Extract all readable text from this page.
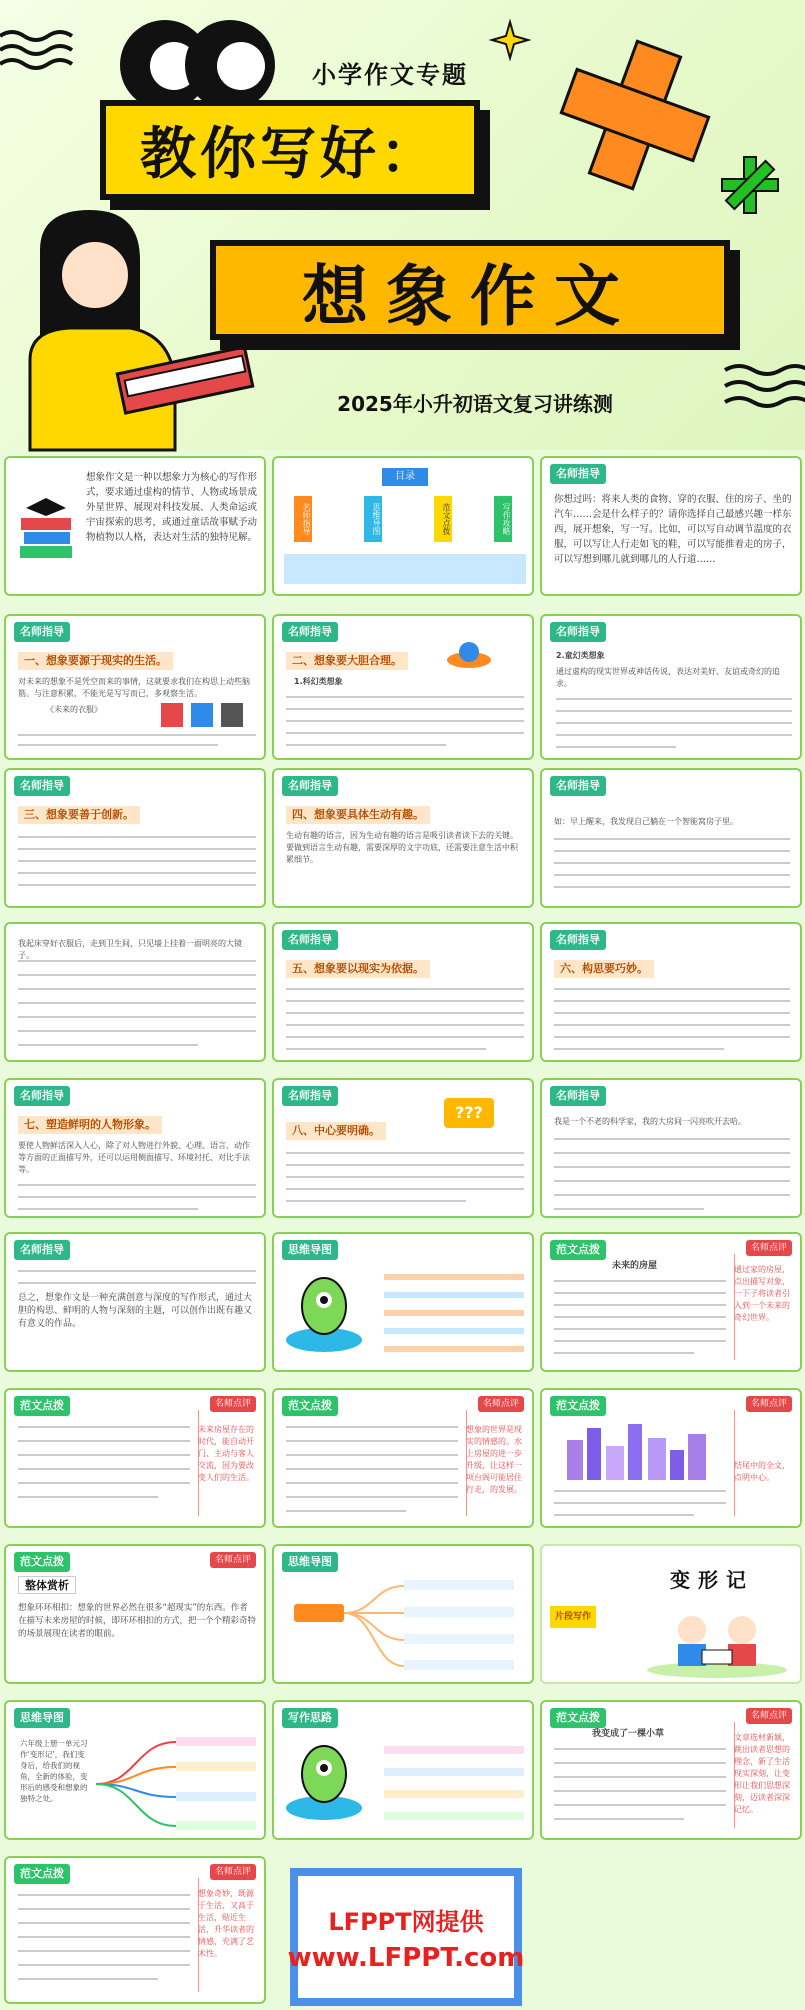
小学作文专题
教你写好：
想象作文
2025年小升初语文复习讲练测
想象作文是一种以想象力为核心的写作形式，要求通过虚构的情节、人物或场景成外星世界、展现对科技发展、人类命运或宇宙探索的思考，或通过童话故事赋予动物植物以人格，表达对生活的独特见解。
目录
名师指导	思维导图	范文点拨	写作攻略
名师指导
你想过吗：将来人类的食物、穿的衣服、住的房子、坐的汽车……会是什么样子的？请你选择自己最感兴趣一样东西，展开想象，写一写。比如，可以写自动调节温度的衣服，可以写让人行走如飞的鞋，可以写能推着走的房子，可以写想到哪儿就到哪儿的人行道……
名师指导
一、想象要源于现实的生活。
对未来的想象不是凭空而来的事情，这就要求我们在构思上动些脑筋。与注意积累，不能光是写写而已，多观察生活。
《未来的衣服》
名师指导
二、想象要大胆合理。
1.科幻类想象
名师指导
2.童幻类想象
通过虚构的现实世界或神话传说，表达对美好、友谊或奇幻的追求。
名师指导
三、想象要善于创新。
名师指导
四、想象要具体生动有趣。
生动有趣的语言，因为生动有趣的语言是吸引读者读下去的关键。要做到语言生动有趣，需要深厚的文字功底，还需要注意生活中积累细节。
名师指导
如：早上醒来，我发现自己躺在一个智能窝房子里。
我起床穿好衣服后，走到卫生间，只见墙上挂着一面明亮的大镜子。
名师指导
五、想象要以现实为依据。
名师指导
六、构思要巧妙。
名师指导
七、塑造鲜明的人物形象。
要使人物鲜活深入人心，除了对人物进行外貌、心理、语言、动作等方面的正面描写外，还可以运用侧面描写、环境衬托、对比手法等。
名师指导
八、中心要明确。
???
名师指导
我是一个不老的科学家，我的大房间一闪亮吹开去哈。
名师指导
总之，想象作文是一种充满创意与深度的写作形式，通过大胆的构思、鲜明的人物与深刻的主题，可以创作出既有趣又有意义的作品。
思维导图	范文点拨	名师点评
未来的房屋	通过家的房屋，点出描写对象，一下子将读者引入到一个未来的奇幻世界。
范文点拨	名师点评
未来房屋存在的时代，能自动开门、主动与客人交流，因为要改变人们的生活。
范文点拨	名师点评
想象的世界是现实的情感的。水上房屋的进一步升级，让这样一项台阁可能居住行走，的发展。
范文点拨	名师点评
结尾中的全文，点明中心。
范文点拨	名师点评
整体赏析
想象环环相扣：想象的世界必然在很多“超现实”的东西。作者在描写未来房屋的时候，即环环相扣的方式，把一个个精彩奇特的场景展现在读者的眼前。
思维导图
片段写作
变形记
思维导图
六年级上册一单元习作‘变形记’，我们变身后，给我们的视角，全新的体验，变形后的感受和想象的独特之处。
写作思路	范文点拨	名师点评
我变成了一棵小草	文章选材新颖，跳出读者思想的理念，新了生活现实深刻，让变形让我们思想深刻，迈读者深深记忆。
范文点拨	名师点评
想象奇妙，既源于生活，又高于生活，贴近生活，升华读者的情感，充满了艺术性。
LFPPT网提供
www.LFPPT.com
